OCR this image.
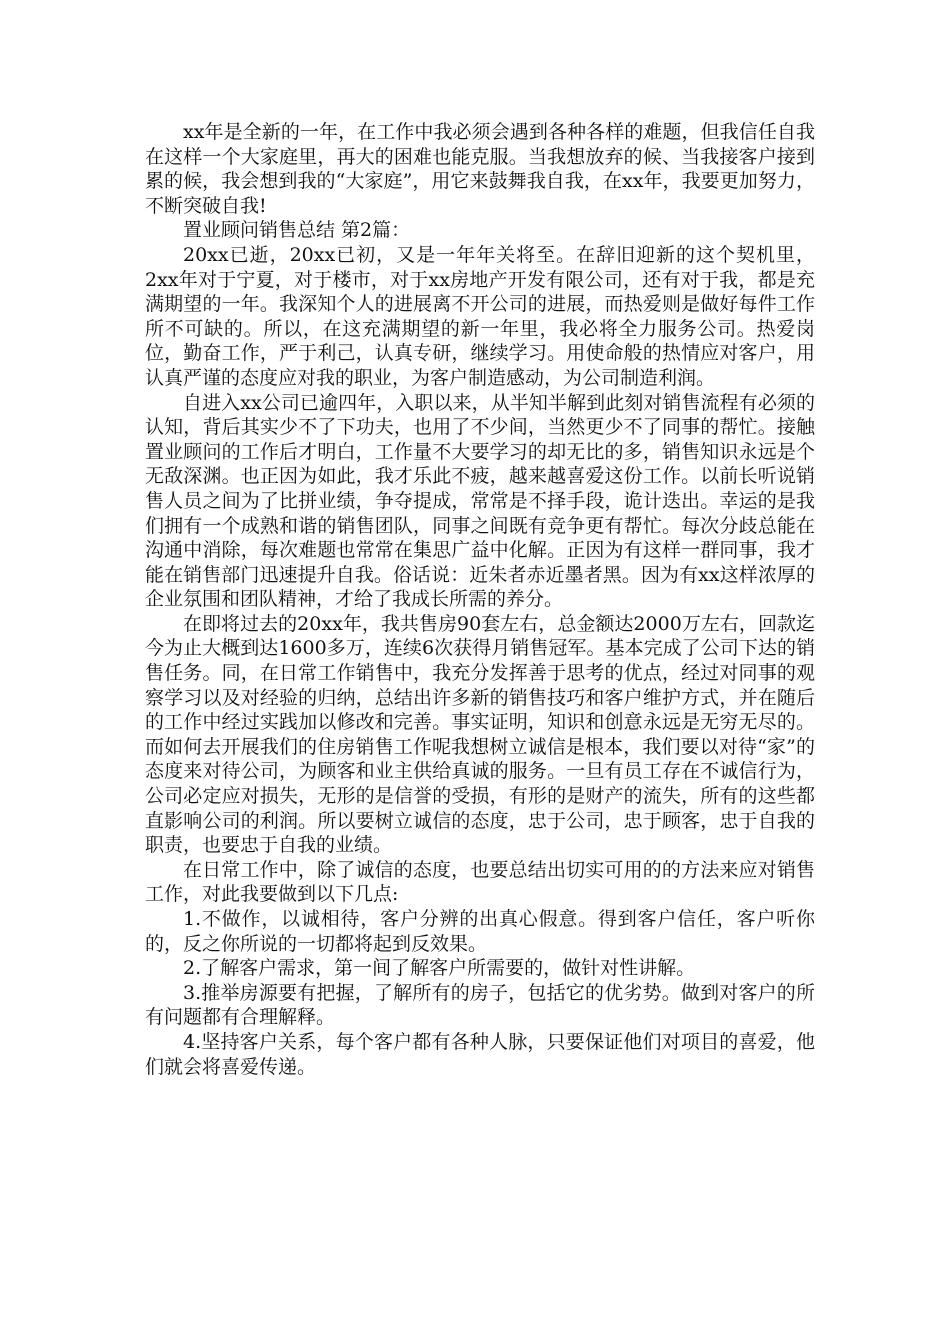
xx年是全新的一年，在工作中我必须会遇到各种各样的难题，但我信任自我在这样一个大家庭里，再大的困难也能克服。当我想放弃的候、当我接客户接到累的候，我会想到我的“大家庭”，用它来鼓舞我自我，在xx年，我要更加努力，不断突破自我!

置业顾问销售总结 第2篇：

20xx已逝，20xx已初，又是一年年关将至。在辞旧迎新的这个契机里，2xx年对于宁夏，对于楼市，对于xx房地产开发有限公司，还有对于我，都是充满期望的一年。我深知个人的进展离不开公司的进展，而热爱则是做好每件工作所不可缺的。所以，在这充满期望的新一年里，我必将全力服务公司。热爱岗位，勤奋工作，严于利己，认真专研，继续学习。用使命般的热情应对客户，用认真严谨的态度应对我的职业，为客户制造感动，为公司制造利润。

自进入xx公司已逾四年，入职以来，从半知半解到此刻对销售流程有必须的认知，背后其实少不了下功夫，也用了不少间，当然更少不了同事的帮忙。接触置业顾问的工作后才明白，工作量不大要学习的却无比的多，销售知识永远是个无敌深渊。也正因为如此，我才乐此不疲，越来越喜爱这份工作。以前长听说销售人员之间为了比拼业绩，争夺提成，常常是不择手段，诡计迭出。幸运的是我们拥有一个成熟和谐的销售团队，同事之间既有竞争更有帮忙。每次分歧总能在沟通中消除，每次难题也常常在集思广益中化解。正因为有这样一群同事，我才能在销售部门迅速提升自我。俗话说：近朱者赤近墨者黑。因为有xx这样浓厚的企业氛围和团队精神，才给了我成长所需的养分。

在即将过去的20xx年，我共售房90套左右，总金额达2000万左右，回款迄今为止大概到达1600多万，连续6次获得月销售冠军。基本完成了公司下达的销售任务。同，在日常工作销售中，我充分发挥善于思考的优点，经过对同事的观察学习以及对经验的归纳，总结出许多新的销售技巧和客户维护方式，并在随后的工作中经过实践加以修改和完善。事实证明，知识和创意永远是无穷无尽的。而如何去开展我们的住房销售工作呢我想树立诚信是根本，我们要以对待“家”的态度来对待公司，为顾客和业主供给真诚的服务。一旦有员工存在不诚信行为，公司必定应对损失，无形的是信誉的受损，有形的是财产的流失，所有的这些都直影响公司的利润。所以要树立诚信的态度，忠于公司，忠于顾客，忠于自我的职责，也要忠于自我的业绩。

在日常工作中，除了诚信的态度，也要总结出切实可用的的方法来应对销售工作，对此我要做到以下几点:

1.不做作，以诚相待，客户分辨的出真心假意。得到客户信任，客户听你的，反之你所说的一切都将起到反效果。

2.了解客户需求，第一间了解客户所需要的，做针对性讲解。

3.推举房源要有把握，了解所有的房子，包括它的优劣势。做到对客户的所有问题都有合理解释。

4.坚持客户关系，每个客户都有各种人脉，只要保证他们对项目的喜爱，他们就会将喜爱传递。
